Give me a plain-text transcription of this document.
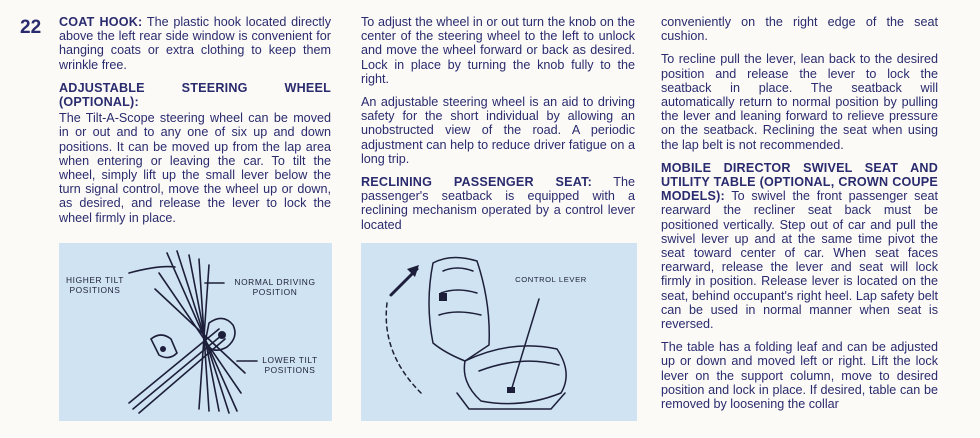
22 COAT HOOK: The plastic hook located directly above the left rear side window is convenient for hanging coats or extra clothing to keep them wrinkle free.

ADJUSTABLE STEERING WHEEL (OPTIONAL):

The Tilt-A-Scope steering wheel can be moved in or out and to any one of six up and down positions. It can be moved up from the lap area when entering or leaving the car. To tilt the wheel, simply lift up the small lever below the turn signal control, move the wheel up or down, as desired, and release the lever to lock the wheel firmly in place.

To adjust the wheel in or out turn the knob on the center of the steering wheel to the left to unlock and move the wheel forward or back as desired. Lock in place by turning the knob fully to the right.

An adjustable steering wheel is an aid to driving safety for the short individual by allowing an unobstructed view of the road. A periodic adjustment can help to reduce driver fatigue on a long trip.

RECLINING PASSENGER SEAT: The passenger's seatback is equipped with a reclining mechanism operated by a control lever located

conveniently on the right edge of the seat cushion.

To recline pull the lever, lean back to the desired position and release the lever to lock the seatback in place. The seatback will automatically return to normal position by pulling the lever and leaning forward to relieve pressure on the seatback. Reclining the seat when using the lap belt is not recommended.

MOBILE DIRECTOR SWIVEL SEAT AND UTILITY TABLE (OPTIONAL, CROWN COUPE MODELS): To swivel the front passenger seat rearward the recliner seat back must be positioned vertically. Step out of car and pull the swivel lever up and at the same time pivot the seat toward center of car. When seat faces rearward, release the lever and seat will lock firmly in position. Release lever is located on the seat, behind occupant's right heel. Lap safety belt can be used in normal manner when seat is reversed.

The table has a folding leaf and can be adjusted up or down and moved left or right. Lift the lock lever on the support column, move to desired position and lock in place. If desired, table can be removed by loosening the collar

HIGHER TILT
POSITIONS
NORMAL DRIVING
POSITION
LOWER TILT
POSITIONS
CONTROL LEVER
